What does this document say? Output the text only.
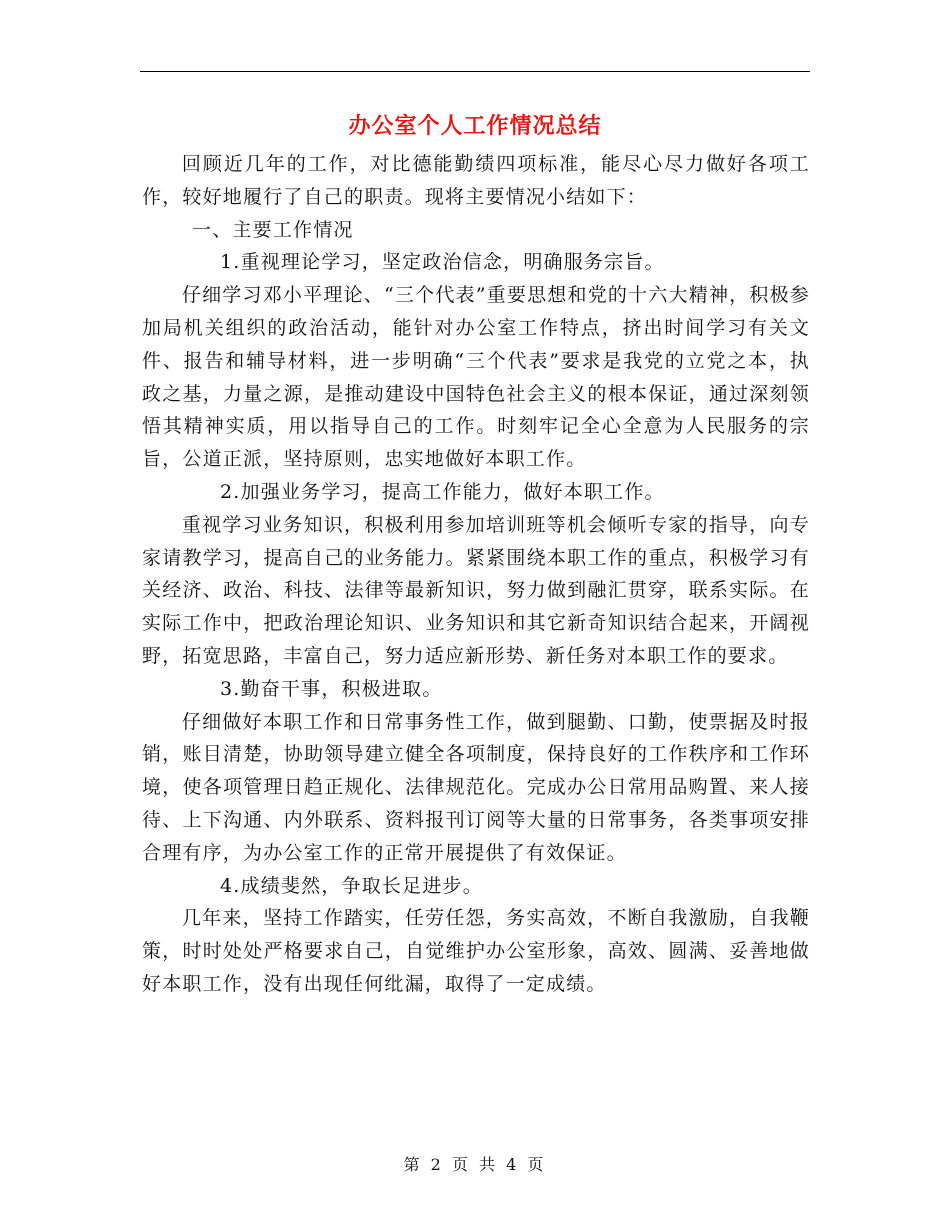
办公室个人工作情况总结

回顾近几年的工作，对比德能勤绩四项标准，能尽心尽力做好各项工作，较好地履行了自己的职责。现将主要情况小结如下：

一、主要工作情况

1.重视理论学习，坚定政治信念，明确服务宗旨。

仔细学习邓小平理论、“三个代表”重要思想和党的十六大精神，积极参加局机关组织的政治活动，能针对办公室工作特点，挤出时间学习有关文件、报告和辅导材料，进一步明确“三个代表”要求是我党的立党之本，执政之基，力量之源，是推动建设中国特色社会主义的根本保证，通过深刻领悟其精神实质，用以指导自己的工作。时刻牢记全心全意为人民服务的宗旨，公道正派，坚持原则，忠实地做好本职工作。

2.加强业务学习，提高工作能力，做好本职工作。

重视学习业务知识，积极利用参加培训班等机会倾听专家的指导，向专家请教学习，提高自己的业务能力。紧紧围绕本职工作的重点，积极学习有关经济、政治、科技、法律等最新知识，努力做到融汇贯穿，联系实际。在实际工作中，把政治理论知识、业务知识和其它新奇知识结合起来，开阔视野，拓宽思路，丰富自己，努力适应新形势、新任务对本职工作的要求。

3.勤奋干事，积极进取。

仔细做好本职工作和日常事务性工作，做到腿勤、口勤，使票据及时报销，账目清楚，协助领导建立健全各项制度，保持良好的工作秩序和工作环境，使各项管理日趋正规化、法律规范化。完成办公日常用品购置、来人接待、上下沟通、内外联系、资料报刊订阅等大量的日常事务，各类事项安排合理有序，为办公室工作的正常开展提供了有效保证。

4.成绩斐然，争取长足进步。

几年来，坚持工作踏实，任劳任怨，务实高效，不断自我激励，自我鞭策，时时处处严格要求自己，自觉维护办公室形象，高效、圆满、妥善地做好本职工作，没有出现任何纰漏，取得了一定成绩。

第 2 页 共 4 页
